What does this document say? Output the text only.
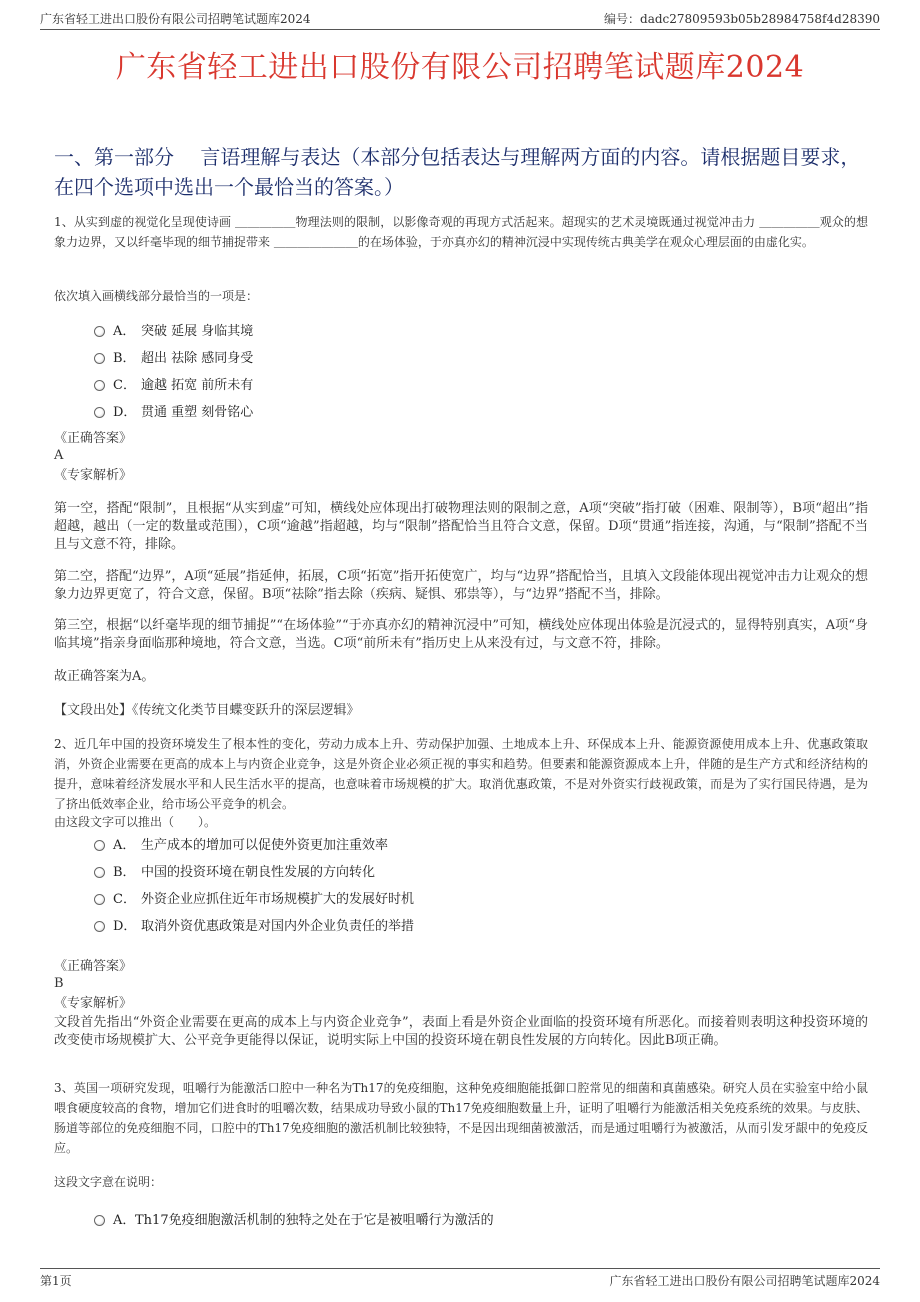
广东省轻工进出口股份有限公司招聘笔试题库2024	编号：dadc27809593b05b28984758f4d28390
广东省轻工进出口股份有限公司招聘笔试题库2024
一、第一部分　 言语理解与表达（本部分包括表达与理解两方面的内容。请根据题目要求，在四个选项中选出一个最恰当的答案。）
1、从实到虚的视觉化呈现使诗画 ＿＿＿＿＿物理法则的限制，以影像奇观的再现方式活起来。超现实的艺术灵境既通过视觉冲击力 ＿＿＿＿＿观众的想象力边界，又以纤毫毕现的细节捕捉带来 ＿＿＿＿＿＿＿的在场体验，于亦真亦幻的精神沉浸中实现传统古典美学在观众心理层面的由虚化实。
依次填入画横线部分最恰当的一项是：
A． 突破 延展 身临其境
B． 超出 祛除 感同身受
C． 逾越 拓宽 前所未有
D． 贯通 重塑 刻骨铭心
《正确答案》
A
《专家解析》
第一空，搭配“限制”，且根据“从实到虚”可知，横线处应体现出打破物理法则的限制之意，A项“突破”指打破（困难、限制等），B项“超出”指超越，越出（一定的数量或范围），C项“逾越”指超越，均与“限制”搭配恰当且符合文意，保留。D项“贯通”指连接，沟通，与“限制”搭配不当且与文意不符，排除。
第二空，搭配“边界”，A项“延展”指延伸，拓展，C项“拓宽”指开拓使宽广，均与“边界”搭配恰当，且填入文段能体现出视觉冲击力让观众的想象力边界更宽了，符合文意，保留。B项“祛除”指去除（疾病、疑惧、邪祟等），与“边界”搭配不当，排除。
第三空，根据“以纤毫毕现的细节捕捉”“在场体验”“于亦真亦幻的精神沉浸中”可知，横线处应体现出体验是沉浸式的，显得特别真实，A项“身临其境”指亲身面临那种境地，符合文意，当选。C项“前所未有”指历史上从来没有过，与文意不符，排除。
故正确答案为A。
【文段出处】《传统文化类节目蝶变跃升的深层逻辑》
2、近几年中国的投资环境发生了根本性的变化，劳动力成本上升、劳动保护加强、土地成本上升、环保成本上升、能源资源使用成本上升、优惠政策取消，外资企业需要在更高的成本上与内资企业竞争，这是外资企业必须正视的事实和趋势。但要素和能源资源成本上升，伴随的是生产方式和经济结构的提升，意味着经济发展水平和人民生活水平的提高，也意味着市场规模的扩大。取消优惠政策，不是对外资实行歧视政策，而是为了实行国民待遇，是为了挤出低效率企业，给市场公平竞争的机会。
由这段文字可以推出（　　）。
A． 生产成本的增加可以促使外资更加注重效率
B． 中国的投资环境在朝良性发展的方向转化
C． 外资企业应抓住近年市场规模扩大的发展好时机
D． 取消外资优惠政策是对国内外企业负责任的举措
《正确答案》
B
《专家解析》
文段首先指出“外资企业需要在更高的成本上与内资企业竞争”，表面上看是外资企业面临的投资环境有所恶化。而接着则表明这种投资环境的改变使市场规模扩大、公平竞争更能得以保证，说明实际上中国的投资环境在朝良性发展的方向转化。因此B项正确。
3、英国一项研究发现，咀嚼行为能激活口腔中一种名为Th17的免疫细胞，这种免疫细胞能抵御口腔常见的细菌和真菌感染。研究人员在实验室中给小鼠喂食硬度较高的食物，增加它们进食时的咀嚼次数，结果成功导致小鼠的Th17免疫细胞数量上升，证明了咀嚼行为能激活相关免疫系统的效果。与皮肤、肠道等部位的免疫细胞不同，口腔中的Th17免疫细胞的激活机制比较独特，不是因出现细菌被激活，而是通过咀嚼行为被激活，从而引发牙龈中的免疫反应。
这段文字意在说明：
A． Th17免疫细胞激活机制的独特之处在于它是被咀嚼行为激活的
第1页	广东省轻工进出口股份有限公司招聘笔试题库2024
